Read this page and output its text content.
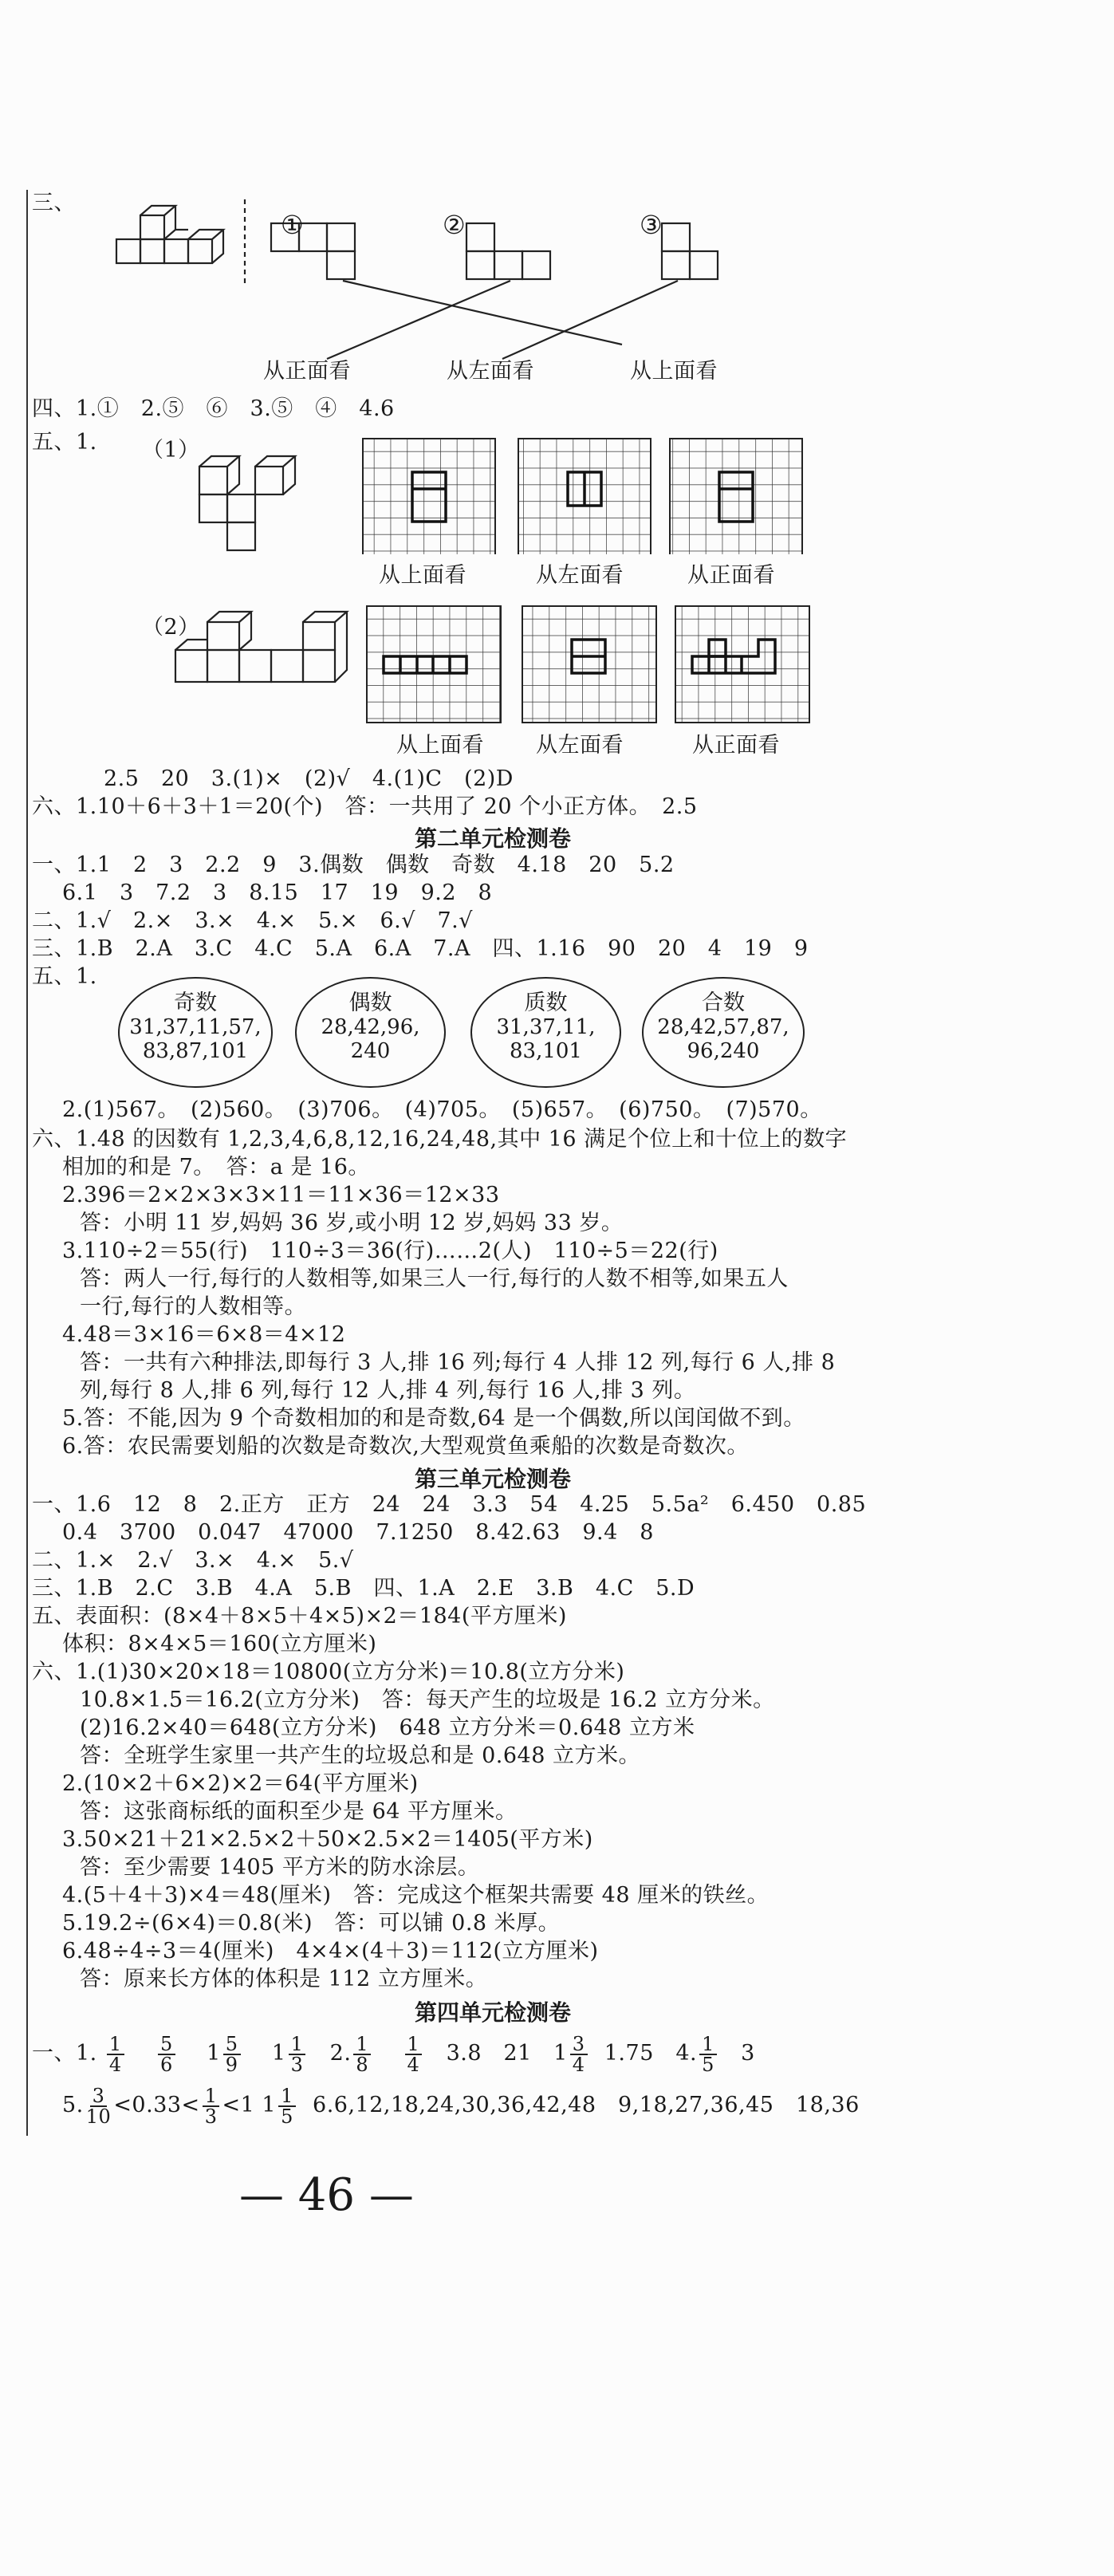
三、
①	②	③
从正面看	从左面看	从上面看
四、1.①　2.⑤　⑥　3.⑤　④　4.6
五、1. （1）
从上面看	从左面看	从正面看
（2）
从上面看 从左面看	从正面看
2.5　20　3.(1)×　(2)√　4.(1)C　(2)D
六、1.10＋6＋3＋1＝20(个)　答：一共用了 20 个小正方体。　2.5
第二单元检测卷
一、1.1　2　3　2.2　9　3.偶数　偶数　奇数　4.18　20　5.2
6.1　3　7.2　3　8.15　17　19　9.2　8
二、1.√　2.×　3.×　4.×　5.×　6.√　7.√
三、1.B　2.A　3.C　4.C　5.A　6.A　7.A　四、1.16　90　20　4　19　9
五、1.
奇数
31,37,11,57,
83,87,101
偶数
28,42,96,
240
质数
31,37,11,
83,101
合数
28,42,57,87,
96,240
2.(1)567。　(2)560。　(3)706。　(4)705。　(5)657。　(6)750。　(7)570。
六、1.48 的因数有 1,2,3,4,6,8,12,16,24,48,其中 16 满足个位上和十位上的数字
相加的和是 7。　答：a 是 16。
2.396＝2×2×3×3×11＝11×36＝12×33
答：小明 11 岁,妈妈 36 岁,或小明 12 岁,妈妈 33 岁。
3.110÷2＝55(行)　110÷3＝36(行)……2(人)　110÷5＝22(行)
答：两人一行,每行的人数相等,如果三人一行,每行的人数不相等,如果五人
一行,每行的人数相等。
4.48＝3×16＝6×8＝4×12
答：一共有六种排法,即每行 3 人,排 16 列;每行 4 人排 12 列,每行 6 人,排 8
列,每行 8 人,排 6 列,每行 12 人,排 4 列,每行 16 人,排 3 列。
5.答：不能,因为 9 个奇数相加的和是奇数,64 是一个偶数,所以闰闰做不到。
6.答：农民需要划船的次数是奇数次,大型观赏鱼乘船的次数是奇数次。
第三单元检测卷
一、1.6　12　8　2.正方　正方　24　24　3.3　54　4.25　5.5a²　6.450　0.85
0.4　3700　0.047　47000　7.1250　8.42.63　9.4　8
二、1.×　2.√　3.×　4.×　5.√
三、1.B　2.C　3.B　4.A　5.B　四、1.A　2.E　3.B　4.C　5.D
五、表面积：(8×4＋8×5＋4×5)×2＝184(平方厘米)
体积：8×4×5＝160(立方厘米)
六、1.(1)30×20×18＝10800(立方分米)＝10.8(立方分米)
10.8×1.5＝16.2(立方分米)　答：每天产生的垃圾是 16.2 立方分米。
(2)16.2×40＝648(立方分米)　648 立方分米＝0.648 立方米
答：全班学生家里一共产生的垃圾总和是 0.648 立方米。
2.(10×2＋6×2)×2＝64(平方厘米)
答：这张商标纸的面积至少是 64 平方厘米。
3.50×21＋21×2.5×2＋50×2.5×2＝1405(平方米)
答：至少需要 1405 平方米的防水涂层。
4.(5＋4＋3)×4＝48(厘米)　答：完成这个框架共需要 48 厘米的铁丝。
5.19.2÷(6×4)＝0.8(米)　答：可以铺 0.8 米厚。
6.48÷4÷3＝4(厘米)　4×4×(4＋3)＝112(立方厘米)
答：原来长方体的体积是 112 立方厘米。
第四单元检测卷
一、1. $\frac{1}{4}$
$\frac{5}{6} 1 \frac{5}{9} 1 \frac{1}{3} 2$. $\frac{1}{8}$
$\frac{1}{4} 3.8$　21 $1 \frac{3}{4} 1.75$　4. $\frac{1}{5} 3$
5. $\frac{3}{10} <0.33< \frac{1}{3} <1$ $1 \frac{1}{5} 6.6,12,18,24,30,36,42,48$　9,18,27,36,45　18,36
— 46 —
